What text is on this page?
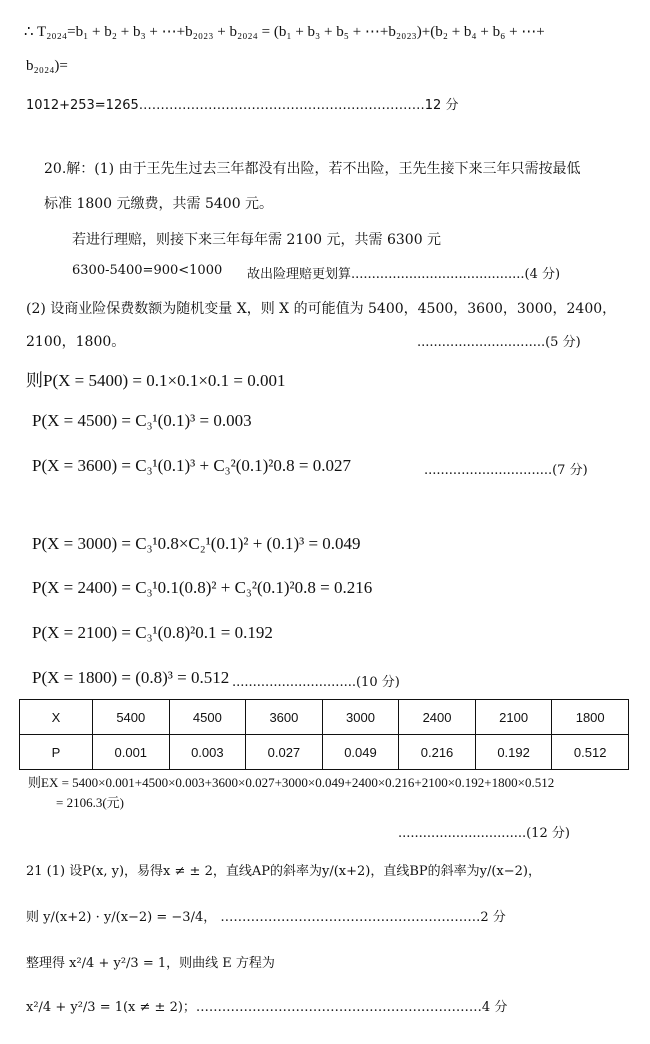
∴ T₂₀₂₄=b₁ + b₂ + b₃ + ⋯+b₂₀₂₃ + b₂₀₂₄ = (b₁ + b₃ + b₅ + ⋯+b₂₀₂₃)+(b₂ + b₄ + b₆ + ⋯+
b₂₀₂₄)=
1012+253=1265…………………………………………………………12 分
20.解：(1) 由于王先生过去三年都没有出险，若不出险，王先生接下来三年只需按最低
标准 1800 元缴费，共需 5400 元。
若进行理赔，则接下来三年每年需 2100 元，共需 6300 元
6300-5400=900<1000 故出险理赔更划算..........................................(4 分)
(2) 设商业险保费数额为随机变量 X，则 X 的可能值为 5400，4500，3600，3000，2400，
2100，1800。	...............................(5 分)
则P(X = 5400) = 0.1×0.1×0.1 = 0.001
P(X = 4500) = C₃¹(0.1)³ = 0.003
P(X = 3600) = C₃¹(0.1)³ + C₃²(0.1)²0.8 = 0.027	...............................(7 分)
P(X = 3000) = C₃¹0.8×C₂¹(0.1)² + (0.1)³ = 0.049
P(X = 2400) = C₃¹0.1(0.8)² + C₃²(0.1)²0.8 = 0.216
P(X = 2100) = C₃¹(0.8)²0.1 = 0.192
P(X = 1800) = (0.8)³ = 0.512 ..............................(10 分)
X	5400	4500	3600	3000	2400	2100	1800
P	0.001	0.003	0.027	0.049	0.216	0.192	0.512
则EX = 5400×0.001+4500×0.003+3600×0.027+3000×0.049+2400×0.216+2100×0.192+1800×0.512
= 2106.3(元)
...............................(12 分)
21 (1) 设P(x, y)，易得x ≠ ± 2，直线AP的斜率为y/(x+2)，直线BP的斜率为y/(x−2)，
则 y/(x+2) · y/(x−2) = −3/4， ……………………………………………………2 分
整理得 x²/4 + y²/3 = 1，则曲线 E 方程为
x²/4 + y²/3 = 1(x ≠ ± 2)；…………………………………………………………4 分
